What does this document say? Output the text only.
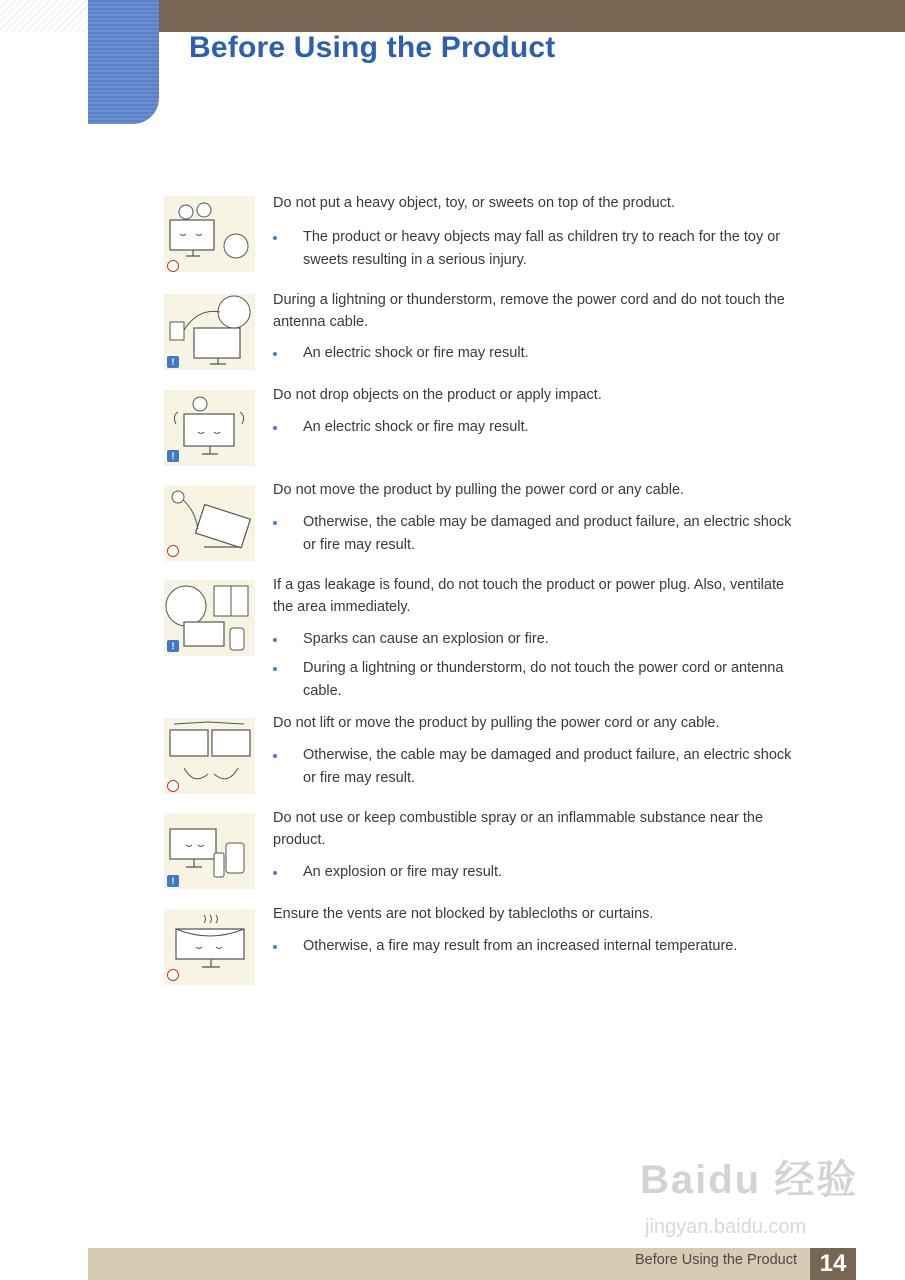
Before Using the Product
Do not put a heavy object, toy, or sweets on top of the product.
The product or heavy objects may fall as children try to reach for the toy or sweets resulting in a serious injury.
!
During a lightning or thunderstorm, remove the power cord and do not touch the antenna cable.
An electric shock or fire may result.
!
Do not drop objects on the product or apply impact.
An electric shock or fire may result.
Do not move the product by pulling the power cord or any cable.
Otherwise, the cable may be damaged and product failure, an electric shock or fire may result.
!
If a gas leakage is found, do not touch the product or power plug. Also, ventilate the area immediately.
Sparks can cause an explosion or fire.
During a lightning or thunderstorm, do not touch the power cord or antenna cable.
Do not lift or move the product by pulling the power cord or any cable.
Otherwise, the cable may be damaged and product failure, an electric shock or fire may result.
!
Do not use or keep combustible spray or an inflammable substance near the product.
An explosion or fire may result.
Ensure the vents are not blocked by tablecloths or curtains.
Otherwise, a fire may result from an increased internal temperature.
Baidu 经验
jingyan.baidu.com
Before Using the Product 14
